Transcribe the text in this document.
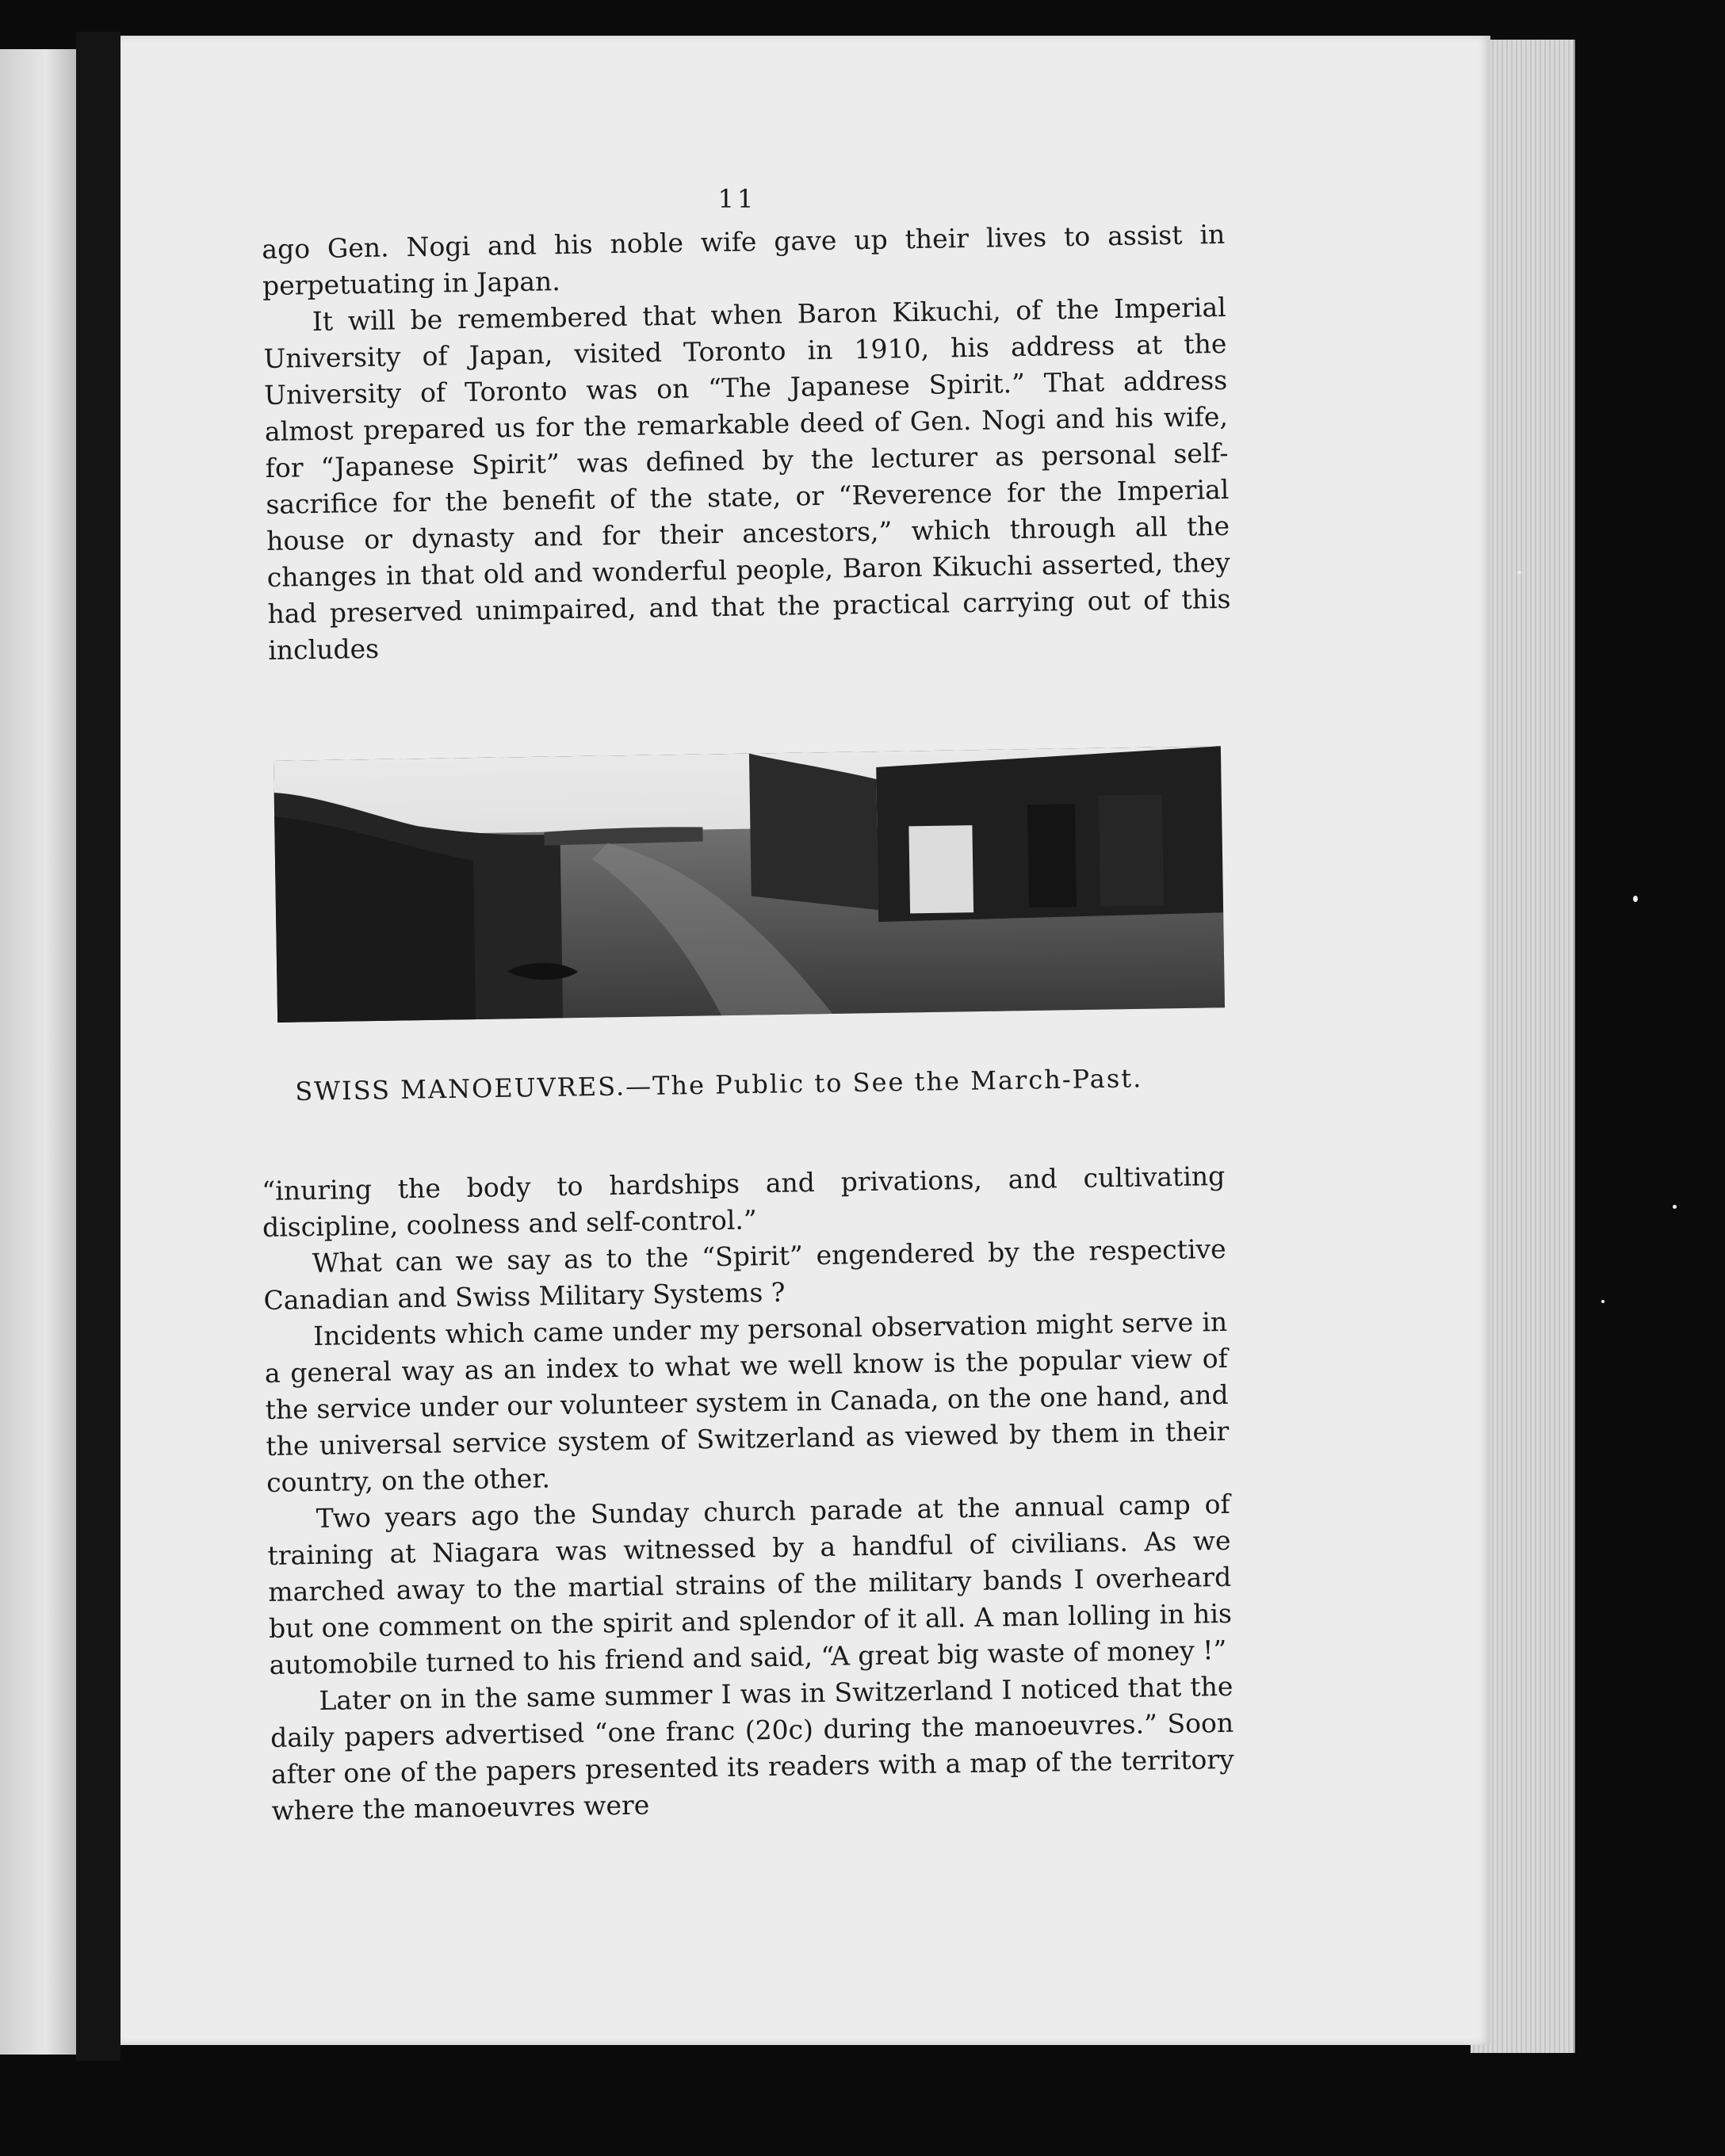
11

ago Gen. Nogi and his noble wife gave up their lives to assist in perpetuating in Japan.

It will be remembered that when Baron Kikuchi, of the Imperial University of Japan, visited Toronto in 1910, his address at the University of Toronto was on “The Japanese Spirit.” That address almost prepared us for the remarkable deed of Gen. Nogi and his wife, for “Japanese Spirit” was defined by the lecturer as personal self-sacrifice for the benefit of the state, or “Reverence for the Imperial house or dynasty and for their ancestors,” which through all the changes in that old and wonderful people, Baron Kikuchi asserted, they had preserved unimpaired, and that the practical carrying out of this includes

SWISS MANOEUVRES.—The Public to See the March-Past.

“inuring the body to hardships and privations, and cultivating discipline, coolness and self-control.”

What can we say as to the “Spirit” engendered by the respective Canadian and Swiss Military Systems ?

Incidents which came under my personal observation might serve in a general way as an index to what we well know is the popular view of the service under our volunteer system in Canada, on the one hand, and the universal service system of Switzerland as viewed by them in their country, on the other.

Two years ago the Sunday church parade at the annual camp of training at Niagara was witnessed by a handful of civilians. As we marched away to the martial strains of the military bands I overheard but one comment on the spirit and splendor of it all. A man lolling in his automobile turned to his friend and said, “A great big waste of money !”

Later on in the same summer I was in Switzerland I noticed that the daily papers advertised “one franc (20c) during the manoeuvres.” Soon after one of the papers presented its readers with a map of the territory where the manoeuvres were
